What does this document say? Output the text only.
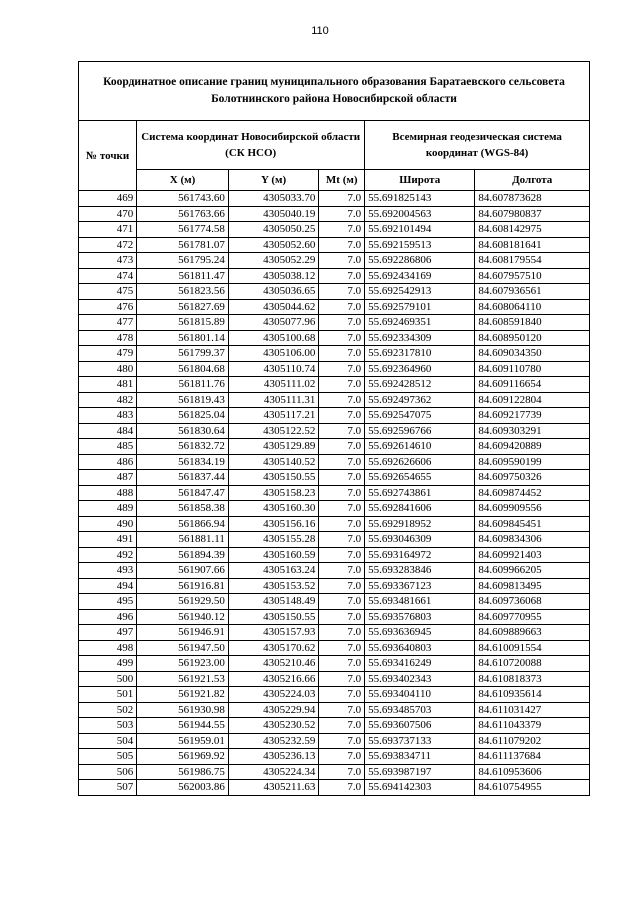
110
Координатное описание границ муниципального образования Баратаевского сельсовета Болотнинского района Новосибирской области					
№ точки	Система координат Новосибирской области (СК НСО)			Всемирная геодезическая система координат (WGS-84)	
	X (м)	Y (м)	Mt (м)	Широта	Долгота
469	561743.60	4305033.70	7.0	55.691825143	84.607873628
470	561763.66	4305040.19	7.0	55.692004563	84.607980837
471	561774.58	4305050.25	7.0	55.692101494	84.608142975
472	561781.07	4305052.60	7.0	55.692159513	84.608181641
473	561795.24	4305052.29	7.0	55.692286806	84.608179554
474	561811.47	4305038.12	7.0	55.692434169	84.607957510
475	561823.56	4305036.65	7.0	55.692542913	84.607936561
476	561827.69	4305044.62	7.0	55.692579101	84.608064110
477	561815.89	4305077.96	7.0	55.692469351	84.608591840
478	561801.14	4305100.68	7.0	55.692334309	84.608950120
479	561799.37	4305106.00	7.0	55.692317810	84.609034350
480	561804.68	4305110.74	7.0	55.692364960	84.609110780
481	561811.76	4305111.02	7.0	55.692428512	84.609116654
482	561819.43	4305111.31	7.0	55.692497362	84.609122804
483	561825.04	4305117.21	7.0	55.692547075	84.609217739
484	561830.64	4305122.52	7.0	55.692596766	84.609303291
485	561832.72	4305129.89	7.0	55.692614610	84.609420889
486	561834.19	4305140.52	7.0	55.692626606	84.609590199
487	561837.44	4305150.55	7.0	55.692654655	84.609750326
488	561847.47	4305158.23	7.0	55.692743861	84.609874452
489	561858.38	4305160.30	7.0	55.692841606	84.609909556
490	561866.94	4305156.16	7.0	55.692918952	84.609845451
491	561881.11	4305155.28	7.0	55.693046309	84.609834306
492	561894.39	4305160.59	7.0	55.693164972	84.609921403
493	561907.66	4305163.24	7.0	55.693283846	84.609966205
494	561916.81	4305153.52	7.0	55.693367123	84.609813495
495	561929.50	4305148.49	7.0	55.693481661	84.609736068
496	561940.12	4305150.55	7.0	55.693576803	84.609770955
497	561946.91	4305157.93	7.0	55.693636945	84.609889663
498	561947.50	4305170.62	7.0	55.693640803	84.610091554
499	561923.00	4305210.46	7.0	55.693416249	84.610720088
500	561921.53	4305216.66	7.0	55.693402343	84.610818373
501	561921.82	4305224.03	7.0	55.693404110	84.610935614
502	561930.98	4305229.94	7.0	55.693485703	84.611031427
503	561944.55	4305230.52	7.0	55.693607506	84.611043379
504	561959.01	4305232.59	7.0	55.693737133	84.611079202
505	561969.92	4305236.13	7.0	55.693834711	84.611137684
506	561986.75	4305224.34	7.0	55.693987197	84.610953606
507	562003.86	4305211.63	7.0	55.694142303	84.610754955
